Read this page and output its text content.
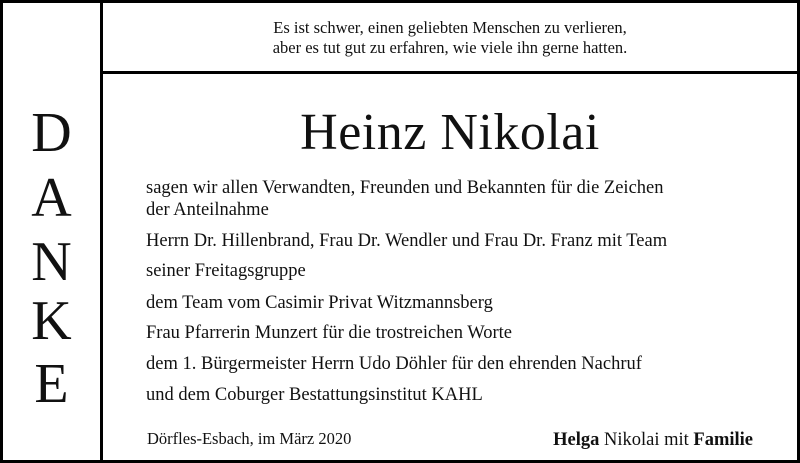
D
A
N
K
E
Es ist schwer, einen geliebten Menschen zu verlieren,
aber es tut gut zu erfahren, wie viele ihn gerne hatten.
Heinz Nikolai
sagen wir allen Verwandten, Freunden und Bekannten für die Zeichen
der Anteilnahme
Herrn Dr. Hillenbrand, Frau Dr. Wendler und Frau Dr. Franz mit Team
seiner Freitagsgruppe
dem Team vom Casimir Privat Witzmannsberg
Frau Pfarrerin Munzert für die trostreichen Worte
dem 1. Bürgermeister Herrn Udo Döhler für den ehrenden Nachruf
und dem Coburger Bestattungsinstitut KAHL
Dörfles-Esbach, im März 2020	Helga Nikolai mit Familie
